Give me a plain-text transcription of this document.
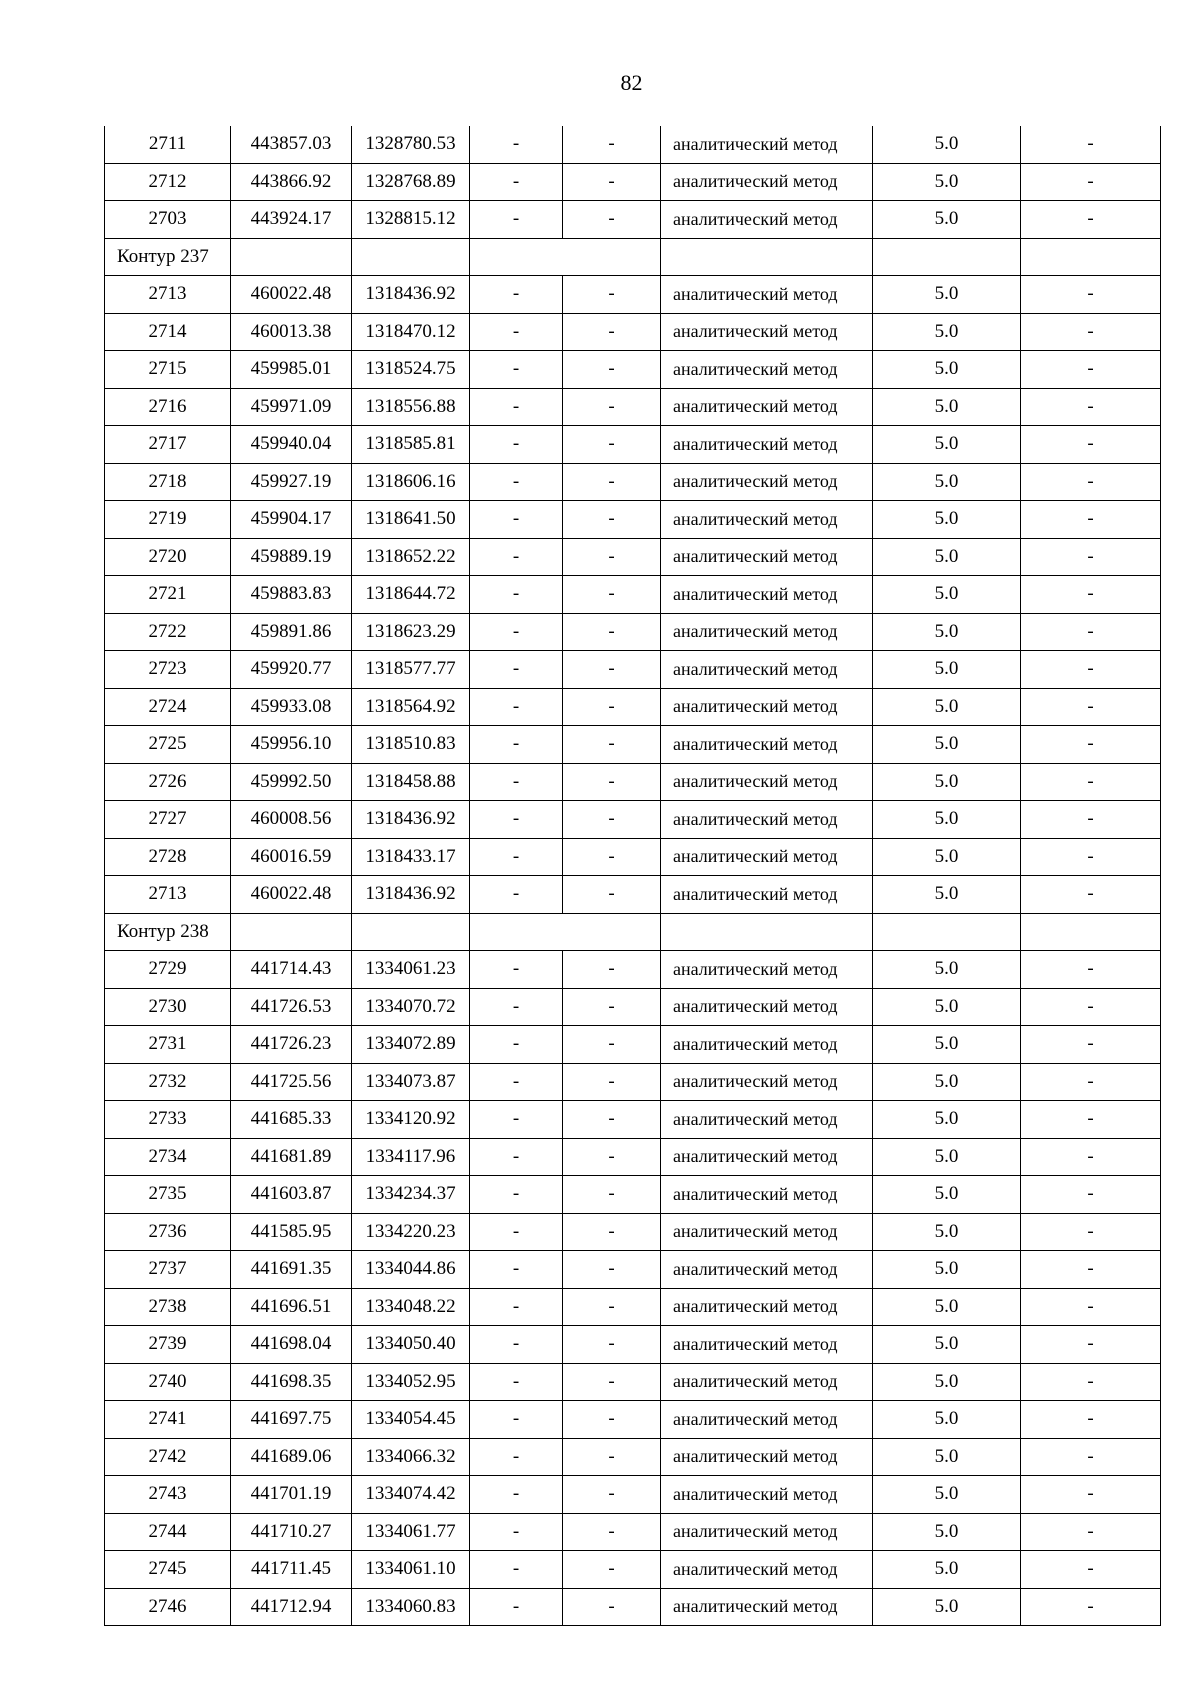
82
2711	443857.03	1328780.53	-	-	аналитический метод	5.0	-
2712	443866.92	1328768.89	-	-	аналитический метод	5.0	-
2703	443924.17	1328815.12	-	-	аналитический метод	5.0	-
Контур 237							
2713	460022.48	1318436.92	-	-	аналитический метод	5.0	-
2714	460013.38	1318470.12	-	-	аналитический метод	5.0	-
2715	459985.01	1318524.75	-	-	аналитический метод	5.0	-
2716	459971.09	1318556.88	-	-	аналитический метод	5.0	-
2717	459940.04	1318585.81	-	-	аналитический метод	5.0	-
2718	459927.19	1318606.16	-	-	аналитический метод	5.0	-
2719	459904.17	1318641.50	-	-	аналитический метод	5.0	-
2720	459889.19	1318652.22	-	-	аналитический метод	5.0	-
2721	459883.83	1318644.72	-	-	аналитический метод	5.0	-
2722	459891.86	1318623.29	-	-	аналитический метод	5.0	-
2723	459920.77	1318577.77	-	-	аналитический метод	5.0	-
2724	459933.08	1318564.92	-	-	аналитический метод	5.0	-
2725	459956.10	1318510.83	-	-	аналитический метод	5.0	-
2726	459992.50	1318458.88	-	-	аналитический метод	5.0	-
2727	460008.56	1318436.92	-	-	аналитический метод	5.0	-
2728	460016.59	1318433.17	-	-	аналитический метод	5.0	-
2713	460022.48	1318436.92	-	-	аналитический метод	5.0	-
Контур 238							
2729	441714.43	1334061.23	-	-	аналитический метод	5.0	-
2730	441726.53	1334070.72	-	-	аналитический метод	5.0	-
2731	441726.23	1334072.89	-	-	аналитический метод	5.0	-
2732	441725.56	1334073.87	-	-	аналитический метод	5.0	-
2733	441685.33	1334120.92	-	-	аналитический метод	5.0	-
2734	441681.89	1334117.96	-	-	аналитический метод	5.0	-
2735	441603.87	1334234.37	-	-	аналитический метод	5.0	-
2736	441585.95	1334220.23	-	-	аналитический метод	5.0	-
2737	441691.35	1334044.86	-	-	аналитический метод	5.0	-
2738	441696.51	1334048.22	-	-	аналитический метод	5.0	-
2739	441698.04	1334050.40	-	-	аналитический метод	5.0	-
2740	441698.35	1334052.95	-	-	аналитический метод	5.0	-
2741	441697.75	1334054.45	-	-	аналитический метод	5.0	-
2742	441689.06	1334066.32	-	-	аналитический метод	5.0	-
2743	441701.19	1334074.42	-	-	аналитический метод	5.0	-
2744	441710.27	1334061.77	-	-	аналитический метод	5.0	-
2745	441711.45	1334061.10	-	-	аналитический метод	5.0	-
2746	441712.94	1334060.83	-	-	аналитический метод	5.0	-
